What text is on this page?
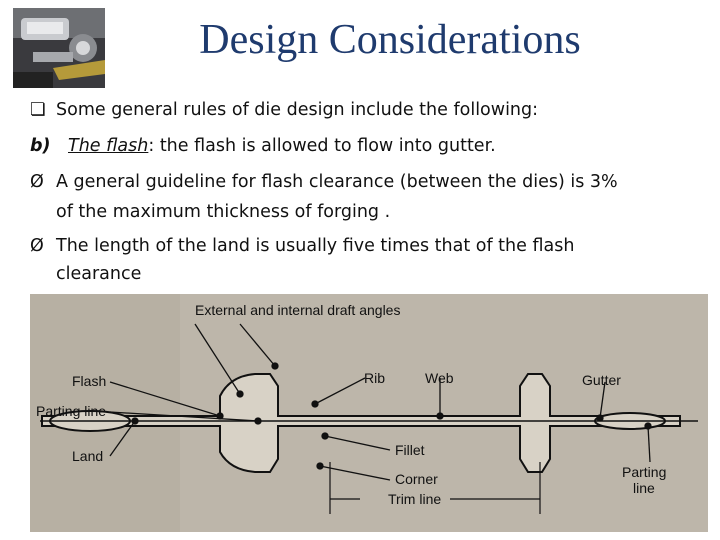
Design Considerations
❏ Some general rules of die design include the following:
b) The flash: the flash is allowed to flow into gutter.
Ø A general guideline for flash clearance (between the dies) is 3%
of the maximum thickness of forging .
Ø The length of the land is usually five times that of the flash
clearance
External and internal draft angles
Flash
Parting line
Land
Rib	Web	Gutter
Fillet
Corner
Trim line
Parting
line
